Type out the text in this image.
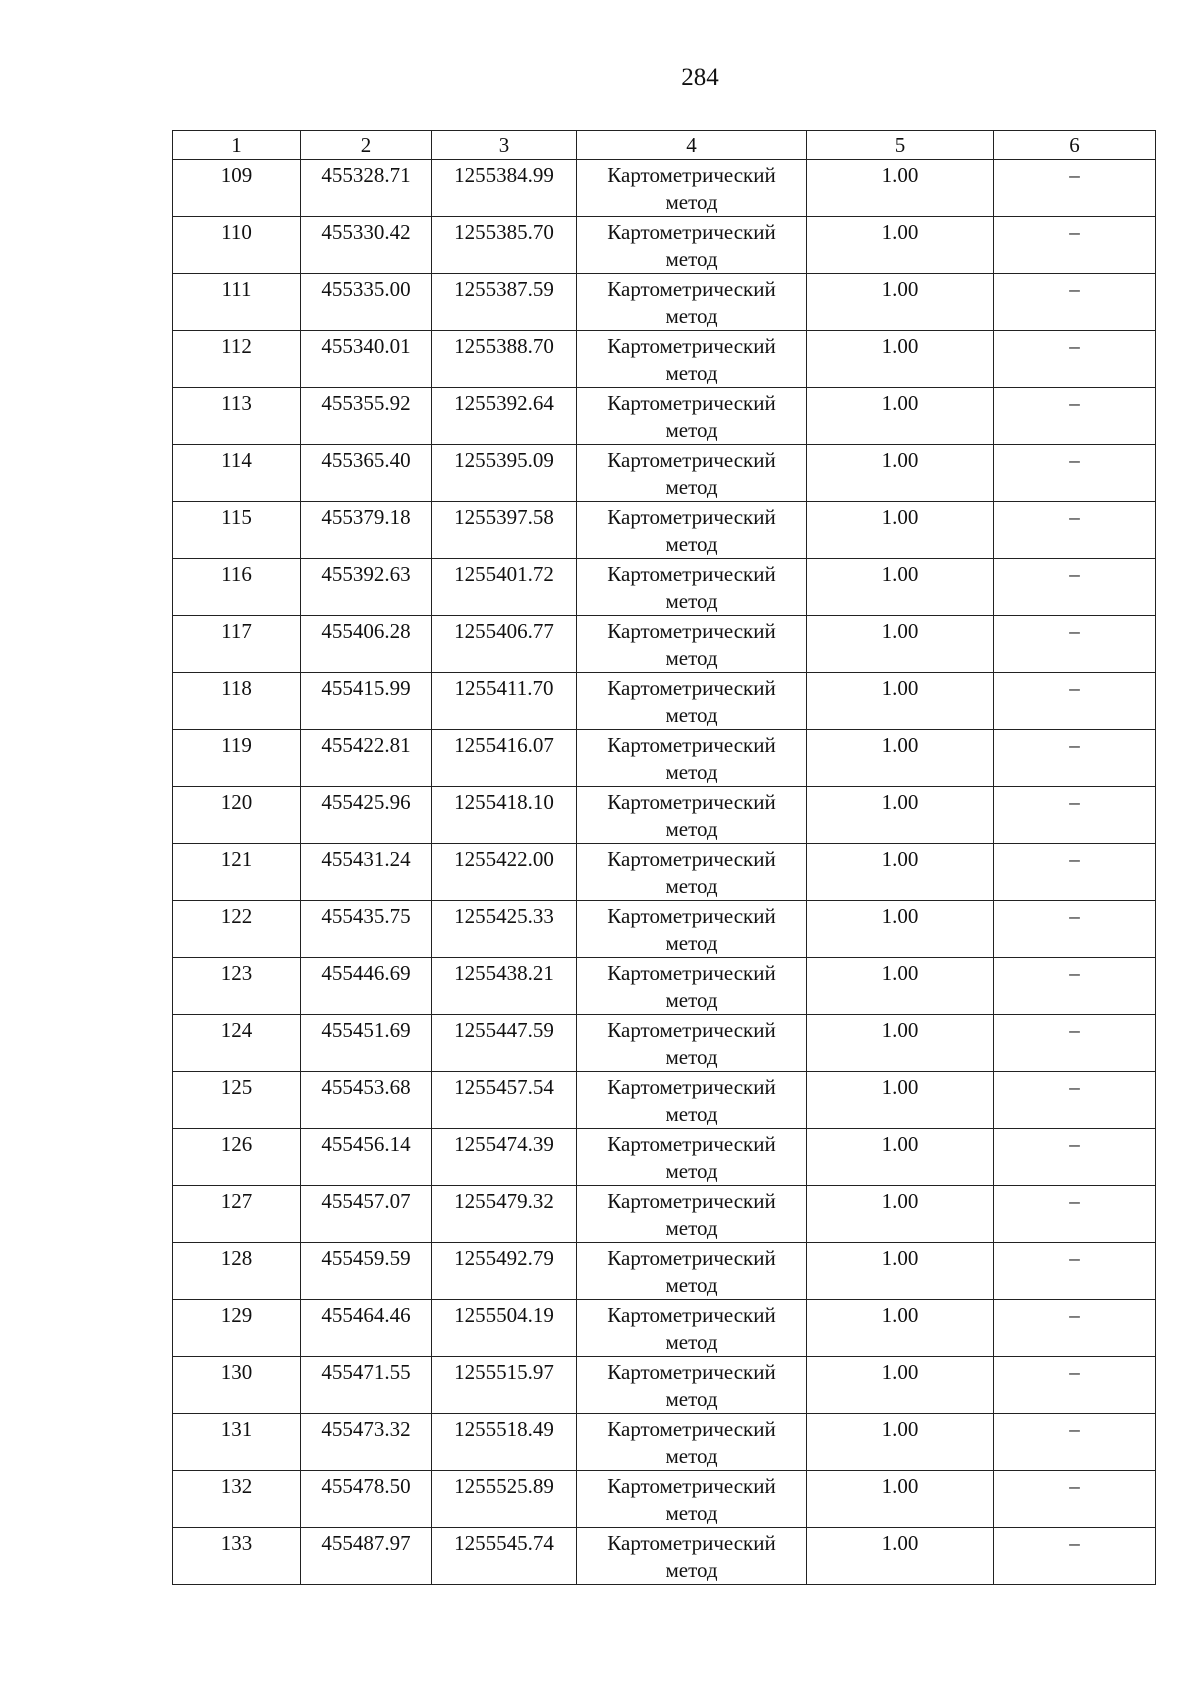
284
1	2	3	4	5	6
109	455328.71	1255384.99	Картометрический метод	1.00	–
110	455330.42	1255385.70	Картометрический метод	1.00	–
111	455335.00	1255387.59	Картометрический метод	1.00	–
112	455340.01	1255388.70	Картометрический метод	1.00	–
113	455355.92	1255392.64	Картометрический метод	1.00	–
114	455365.40	1255395.09	Картометрический метод	1.00	–
115	455379.18	1255397.58	Картометрический метод	1.00	–
116	455392.63	1255401.72	Картометрический метод	1.00	–
117	455406.28	1255406.77	Картометрический метод	1.00	–
118	455415.99	1255411.70	Картометрический метод	1.00	–
119	455422.81	1255416.07	Картометрический метод	1.00	–
120	455425.96	1255418.10	Картометрический метод	1.00	–
121	455431.24	1255422.00	Картометрический метод	1.00	–
122	455435.75	1255425.33	Картометрический метод	1.00	–
123	455446.69	1255438.21	Картометрический метод	1.00	–
124	455451.69	1255447.59	Картометрический метод	1.00	–
125	455453.68	1255457.54	Картометрический метод	1.00	–
126	455456.14	1255474.39	Картометрический метод	1.00	–
127	455457.07	1255479.32	Картометрический метод	1.00	–
128	455459.59	1255492.79	Картометрический метод	1.00	–
129	455464.46	1255504.19	Картометрический метод	1.00	–
130	455471.55	1255515.97	Картометрический метод	1.00	–
131	455473.32	1255518.49	Картометрический метод	1.00	–
132	455478.50	1255525.89	Картометрический метод	1.00	–
133	455487.97	1255545.74	Картометрический метод	1.00	–
